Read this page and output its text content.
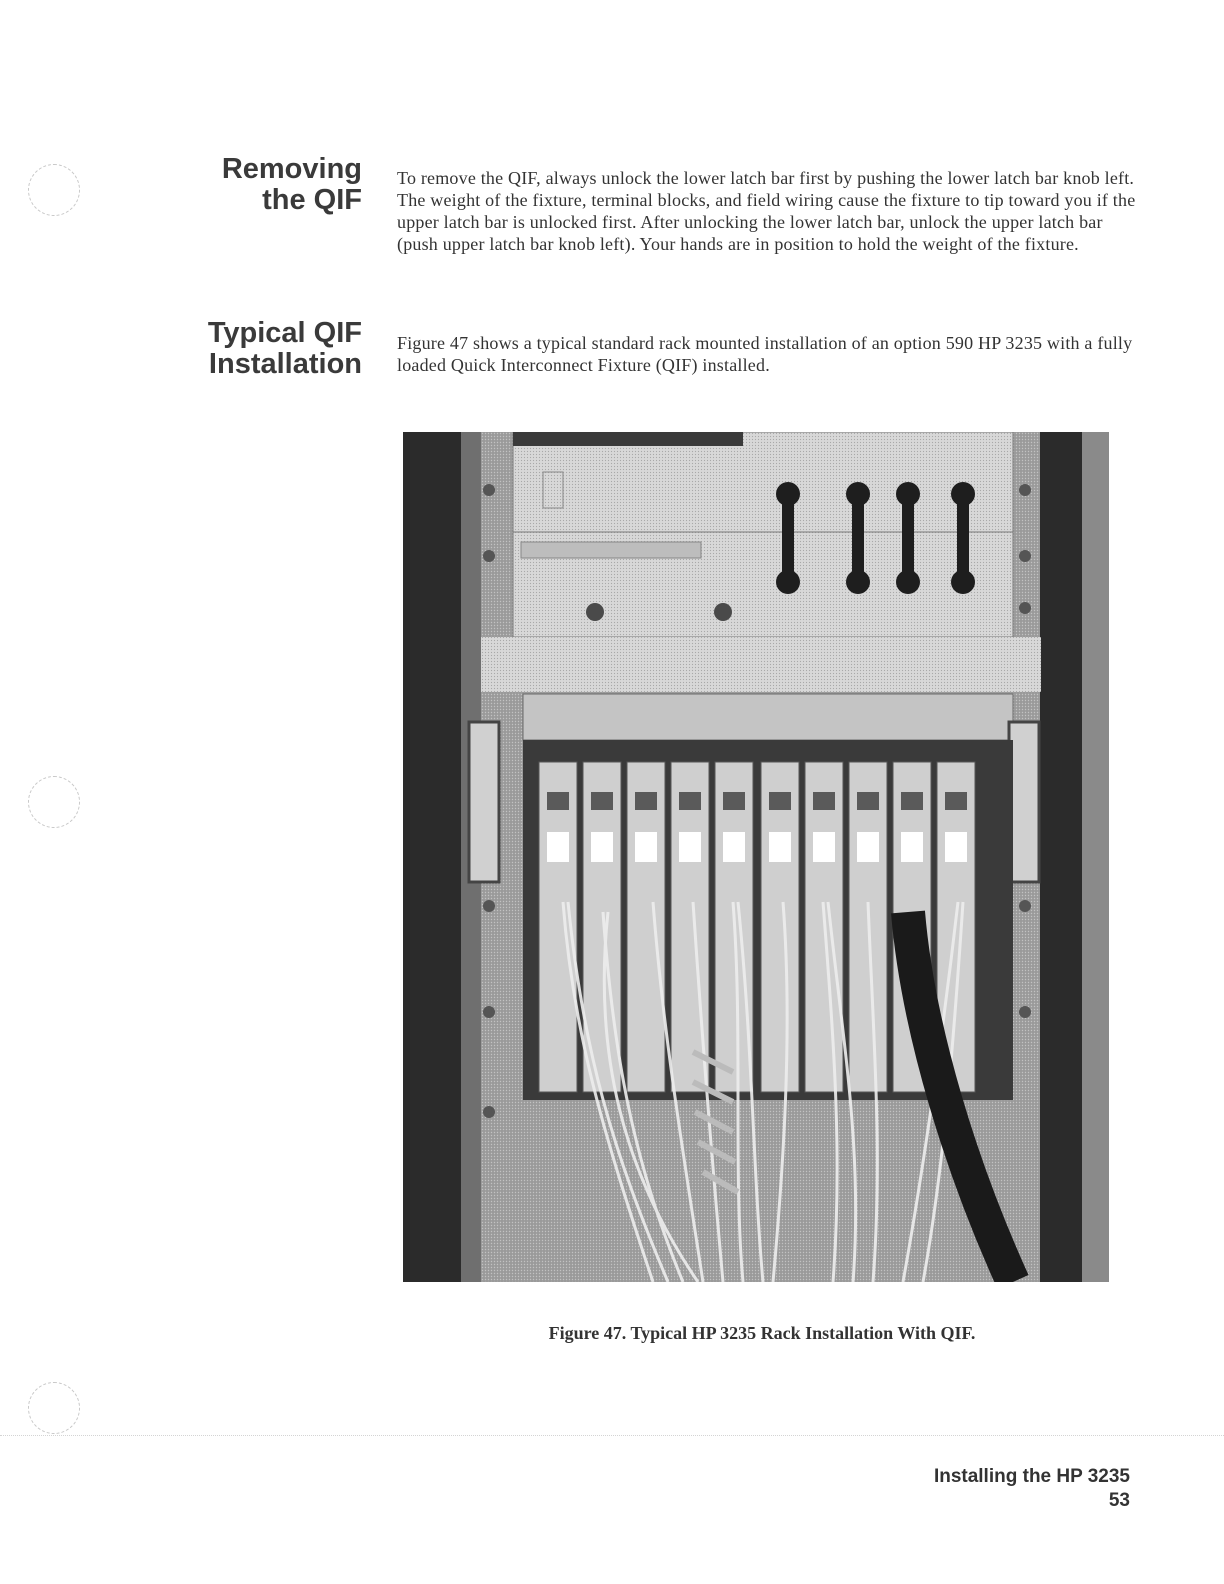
Removing
the QIF
To remove the QIF, always unlock the lower latch bar first by pushing the lower latch bar knob left. The weight of the fixture, terminal blocks, and field wiring cause the fixture to tip toward you if the upper latch bar is unlocked first. After unlocking the lower latch bar, unlock the upper latch bar (push upper latch bar knob left). Your hands are in position to hold the weight of the fixture.
Typical QIF
Installation
Figure 47 shows a typical standard rack mounted installation of an option 590 HP 3235 with a fully loaded Quick Interconnect Fixture (QIF) installed.
Figure 47. Typical HP 3235 Rack Installation With QIF.
Installing the HP 3235
53
